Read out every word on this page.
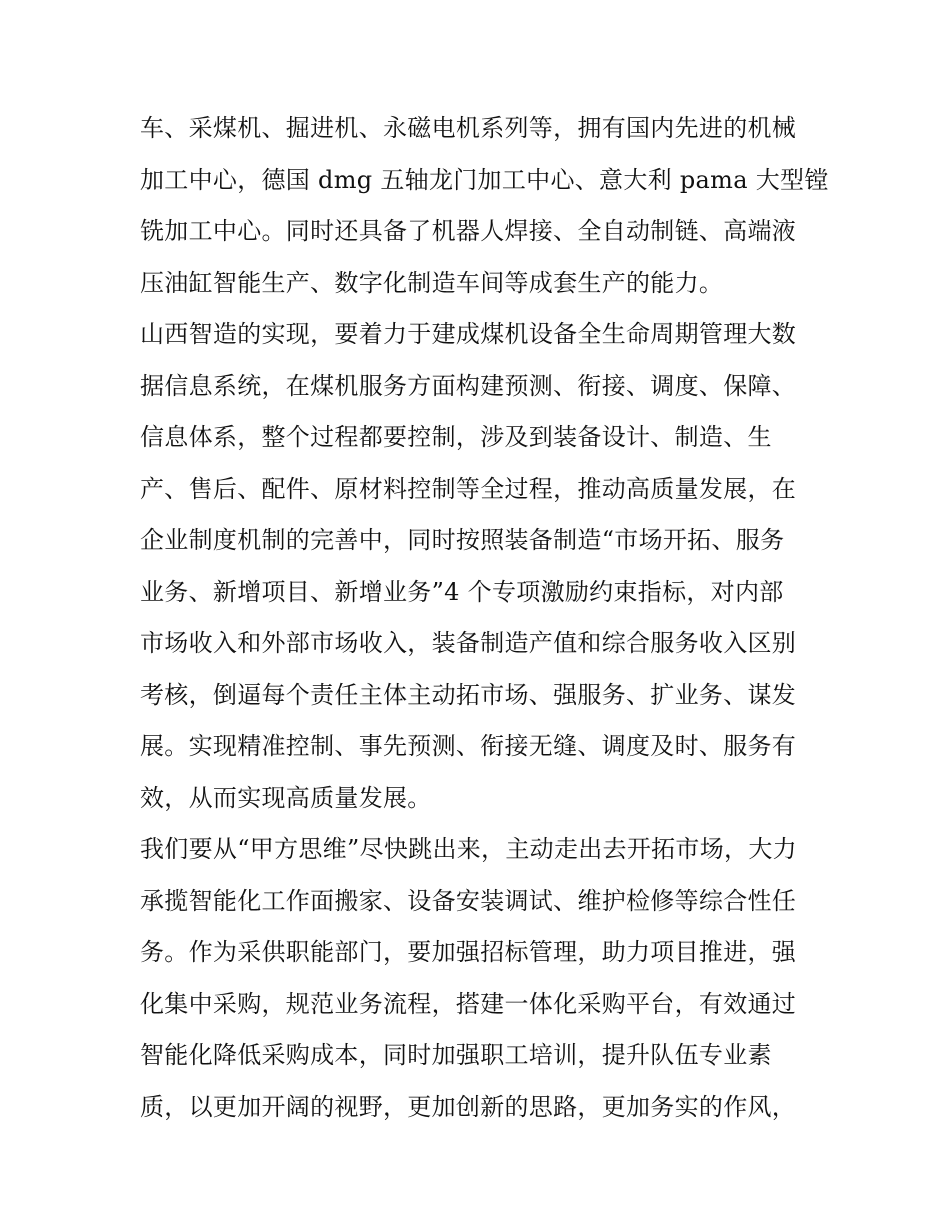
车、采煤机、掘进机、永磁电机系列等，拥有国内先进的机械
加工中心，德国 dmg 五轴龙门加工中心、意大利 pama 大型镗
铣加工中心。同时还具备了机器人焊接、全自动制链、高端液
压油缸智能生产、数字化制造车间等成套生产的能力。
山西智造的实现，要着力于建成煤机设备全生命周期管理大数
据信息系统，在煤机服务方面构建预测、衔接、调度、保障、
信息体系，整个过程都要控制，涉及到装备设计、制造、生
产、售后、配件、原材料控制等全过程，推动高质量发展，在
企业制度机制的完善中，同时按照装备制造“市场开拓、服务
业务、新增项目、新增业务”4 个专项激励约束指标，对内部
市场收入和外部市场收入，装备制造产值和综合服务收入区别
考核，倒逼每个责任主体主动拓市场、强服务、扩业务、谋发
展。实现精准控制、事先预测、衔接无缝、调度及时、服务有
效，从而实现高质量发展。
我们要从“甲方思维”尽快跳出来，主动走出去开拓市场，大力
承揽智能化工作面搬家、设备安装调试、维护检修等综合性任
务。作为采供职能部门，要加强招标管理，助力项目推进，强
化集中采购，规范业务流程，搭建一体化采购平台，有效通过
智能化降低采购成本，同时加强职工培训，提升队伍专业素
质，以更加开阔的视野，更加创新的思路，更加务实的作风，
